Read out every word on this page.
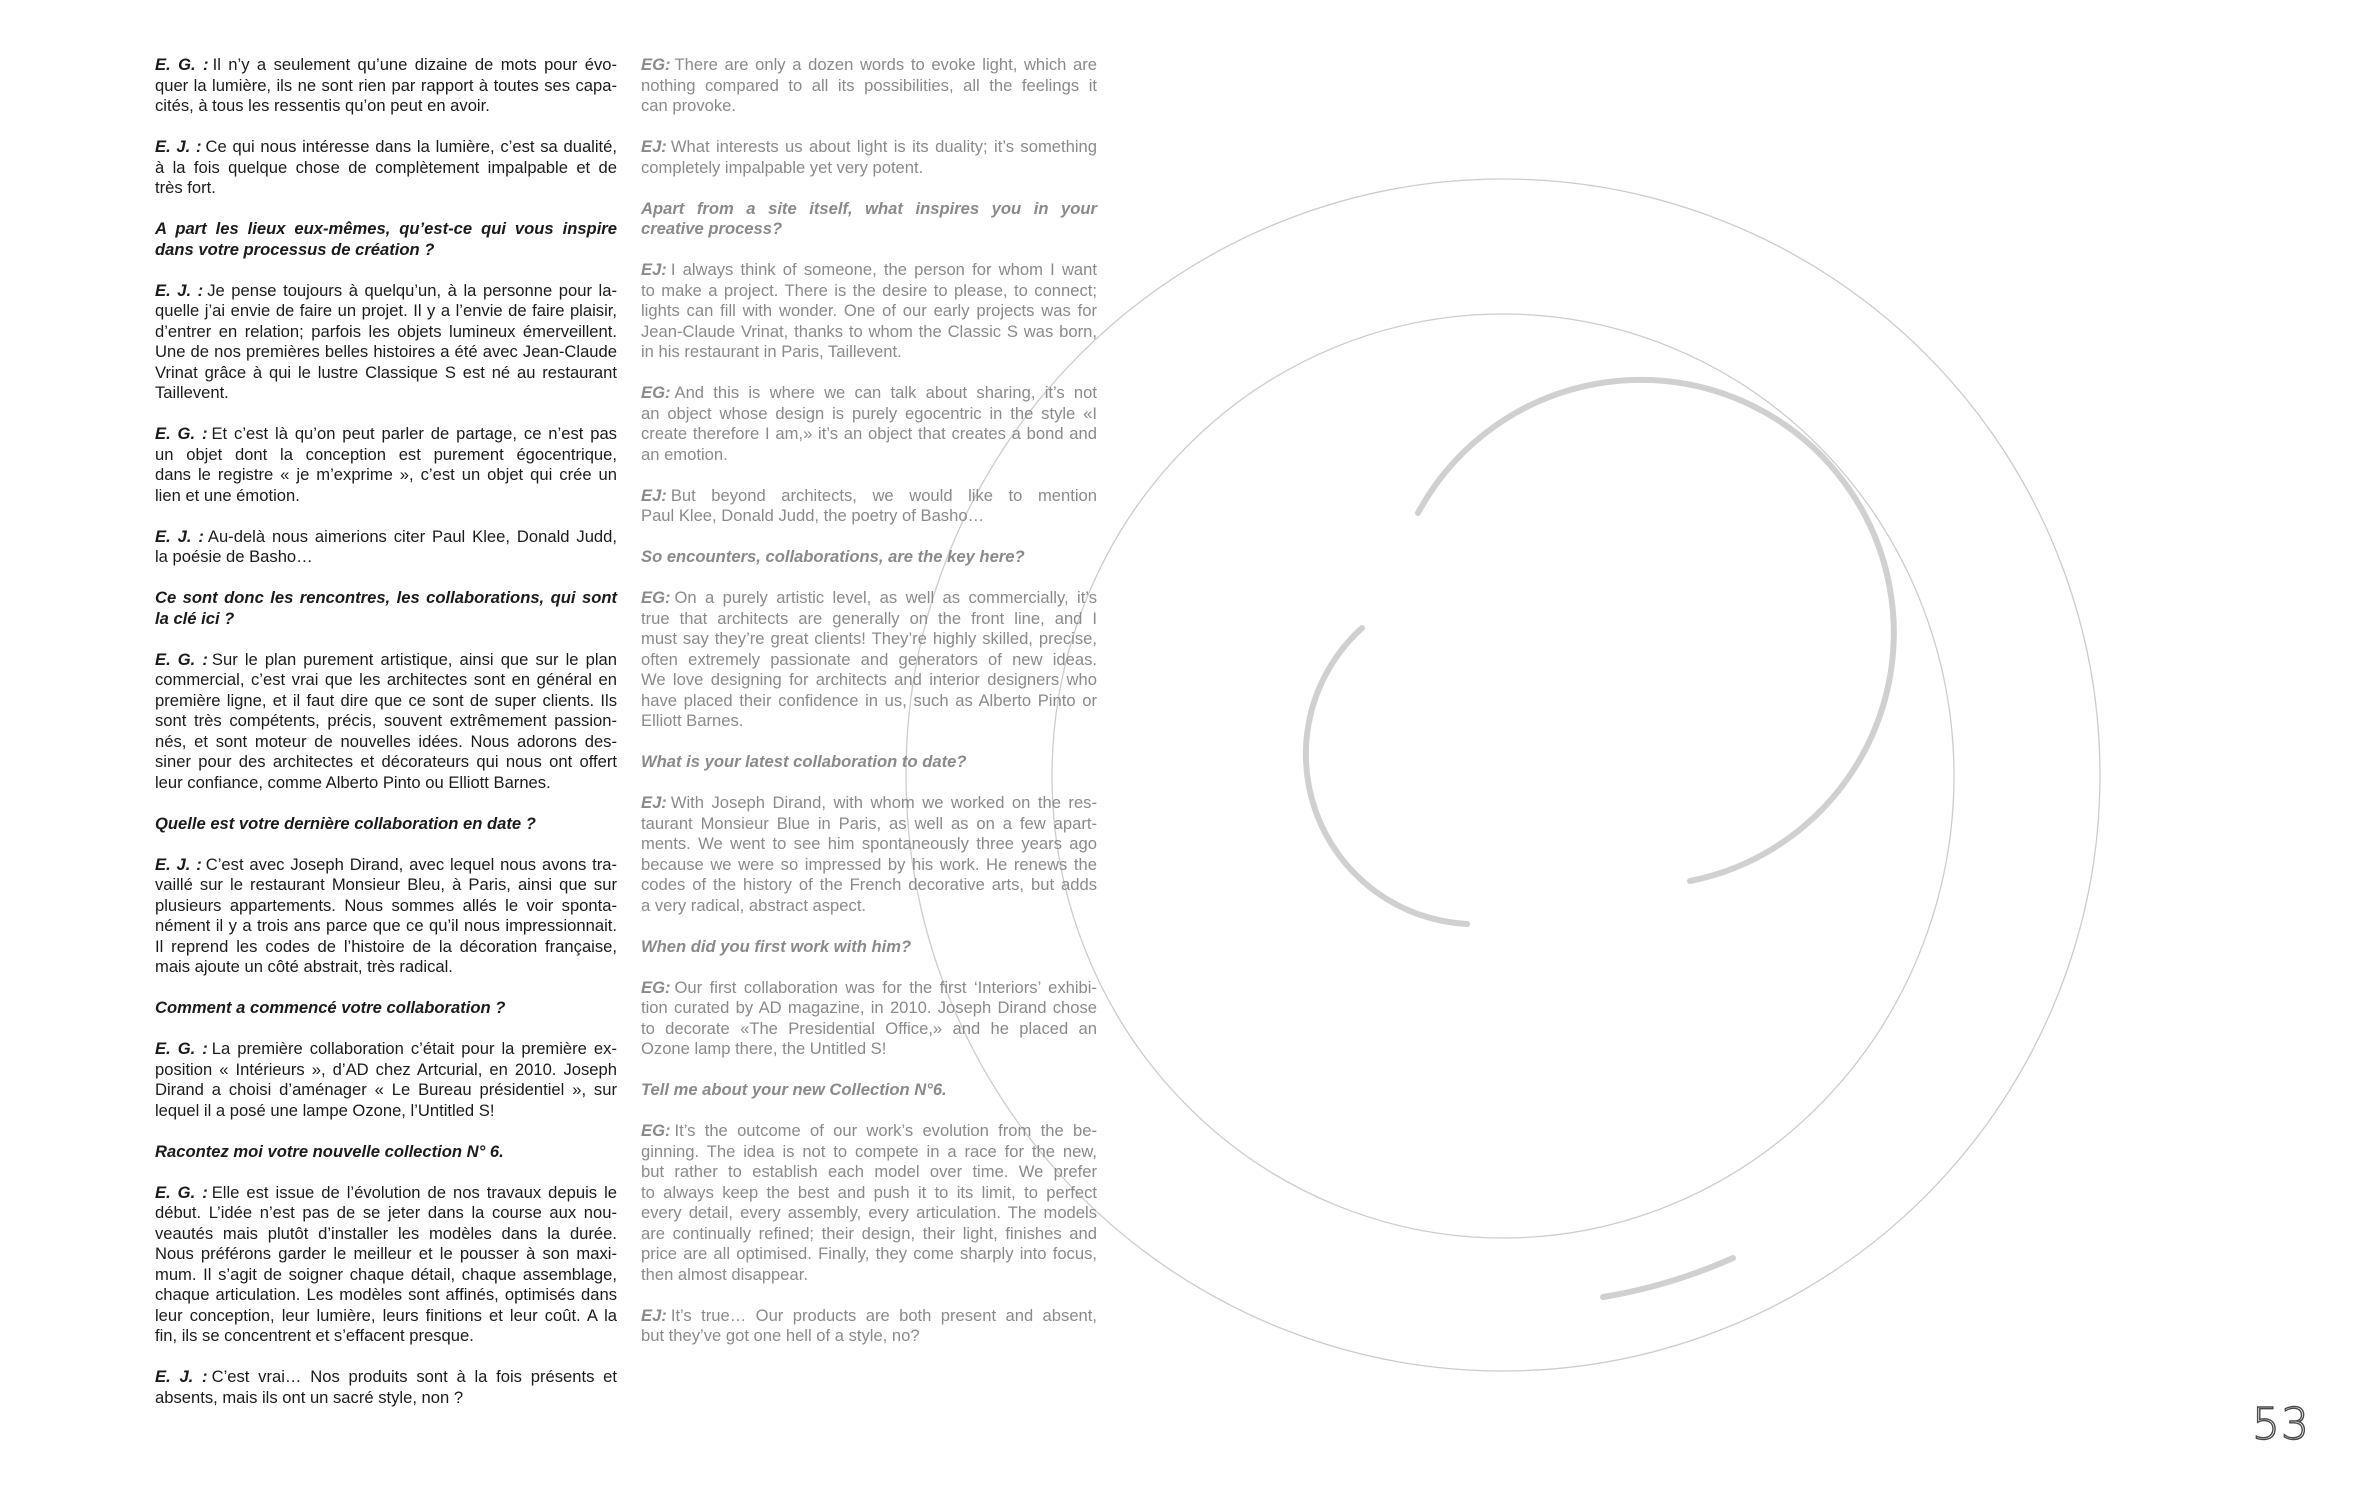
E. G. : Il n’y a seulement qu’une dizaine de mots pour évo-
quer la lumière, ils ne sont rien par rapport à toutes ses capa-
cités, à tous les ressentis qu’on peut en avoir.
E. J. : Ce qui nous intéresse dans la lumière, c’est sa dualité,
à la fois quelque chose de complètement impalpable et de
très fort.
A part les lieux eux-mêmes, qu’est-ce qui vous inspire
dans votre processus de création ?
E. J. : Je pense toujours à quelqu’un, à la personne pour la-
quelle j’ai envie de faire un projet. Il y a l’envie de faire plaisir,
d’entrer en relation; parfois les objets lumineux émerveillent.
Une de nos premières belles histoires a été avec Jean-Claude
Vrinat grâce à qui le lustre Classique S est né au restaurant
Taillevent.
E. G. : Et c’est là qu’on peut parler de partage, ce n’est pas
un objet dont la conception est purement égocentrique,
dans le registre « je m’exprime », c’est un objet qui crée un
lien et une émotion.
E. J. : Au-delà nous aimerions citer Paul Klee, Donald Judd,
la poésie de Basho…
Ce sont donc les rencontres, les collaborations, qui sont
la clé ici ?
E. G. : Sur le plan purement artistique, ainsi que sur le plan
commercial, c’est vrai que les architectes sont en général en
première ligne, et il faut dire que ce sont de super clients. Ils
sont très compétents, précis, souvent extrêmement passion-
nés, et sont moteur de nouvelles idées. Nous adorons des-
siner pour des architectes et décorateurs qui nous ont offert
leur confiance, comme Alberto Pinto ou Elliott Barnes.
Quelle est votre dernière collaboration en date ?
E. J. : C’est avec Joseph Dirand, avec lequel nous avons tra-
vaillé sur le restaurant Monsieur Bleu, à Paris, ainsi que sur
plusieurs appartements. Nous sommes allés le voir sponta-
nément il y a trois ans parce que ce qu’il nous impressionnait.
Il reprend les codes de l’histoire de la décoration française,
mais ajoute un côté abstrait, très radical.
Comment a commencé votre collaboration ?
E. G. : La première collaboration c’était pour la première ex-
position « Intérieurs », d’AD chez Artcurial, en 2010. Joseph
Dirand a choisi d’aménager « Le Bureau présidentiel », sur
lequel il a posé une lampe Ozone, l’Untitled S!
Racontez moi votre nouvelle collection N° 6.
E. G. : Elle est issue de l’évolution de nos travaux depuis le
début. L’idée n’est pas de se jeter dans la course aux nou-
veautés mais plutôt d’installer les modèles dans la durée.
Nous préférons garder le meilleur et le pousser à son maxi-
mum. Il s’agit de soigner chaque détail, chaque assemblage,
chaque articulation. Les modèles sont affinés, optimisés dans
leur conception, leur lumière, leurs finitions et leur coût. A la
fin, ils se concentrent et s’effacent presque.
E. J. : C’est vrai… Nos produits sont à la fois présents et
absents, mais ils ont un sacré style, non ?
EG: There are only a dozen words to evoke light, which are
nothing compared to all its possibilities, all the feelings it
can provoke.
EJ: What interests us about light is its duality; it’s something
completely impalpable yet very potent.
Apart from a site itself, what inspires you in your
creative process?
EJ: I always think of someone, the person for whom I want
to make a project. There is the desire to please, to connect;
lights can fill with wonder. One of our early projects was for
Jean-Claude Vrinat, thanks to whom the Classic S was born,
in his restaurant in Paris, Taillevent.
EG: And this is where we can talk about sharing, it’s not
an object whose design is purely egocentric in the style «I
create therefore I am,» it’s an object that creates a bond and
an emotion.
EJ: But beyond architects, we would like to mention
Paul Klee, Donald Judd, the poetry of Basho…
So encounters, collaborations, are the key here?
EG: On a purely artistic level, as well as commercially, it’s
true that architects are generally on the front line, and I
must say they’re great clients! They’re highly skilled, precise,
often extremely passionate and generators of new ideas.
We love designing for architects and interior designers who
have placed their confidence in us, such as Alberto Pinto or
Elliott Barnes.
What is your latest collaboration to date?
EJ: With Joseph Dirand, with whom we worked on the res-
taurant Monsieur Blue in Paris, as well as on a few apart-
ments. We went to see him spontaneously three years ago
because we were so impressed by his work. He renews the
codes of the history of the French decorative arts, but adds
a very radical, abstract aspect.
When did you first work with him?
EG: Our first collaboration was for the first ‘Interiors’ exhibi-
tion curated by AD magazine, in 2010. Joseph Dirand chose
to decorate «The Presidential Office,» and he placed an
Ozone lamp there, the Untitled S!
Tell me about your new Collection N°6.
EG: It’s the outcome of our work’s evolution from the be-
ginning. The idea is not to compete in a race for the new,
but rather to establish each model over time. We prefer
to always keep the best and push it to its limit, to perfect
every detail, every assembly, every articulation. The models
are continually refined; their design, their light, finishes and
price are all optimised. Finally, they come sharply into focus,
then almost disappear.
EJ: It’s true… Our products are both present and absent,
but they’ve got one hell of a style, no?
53
